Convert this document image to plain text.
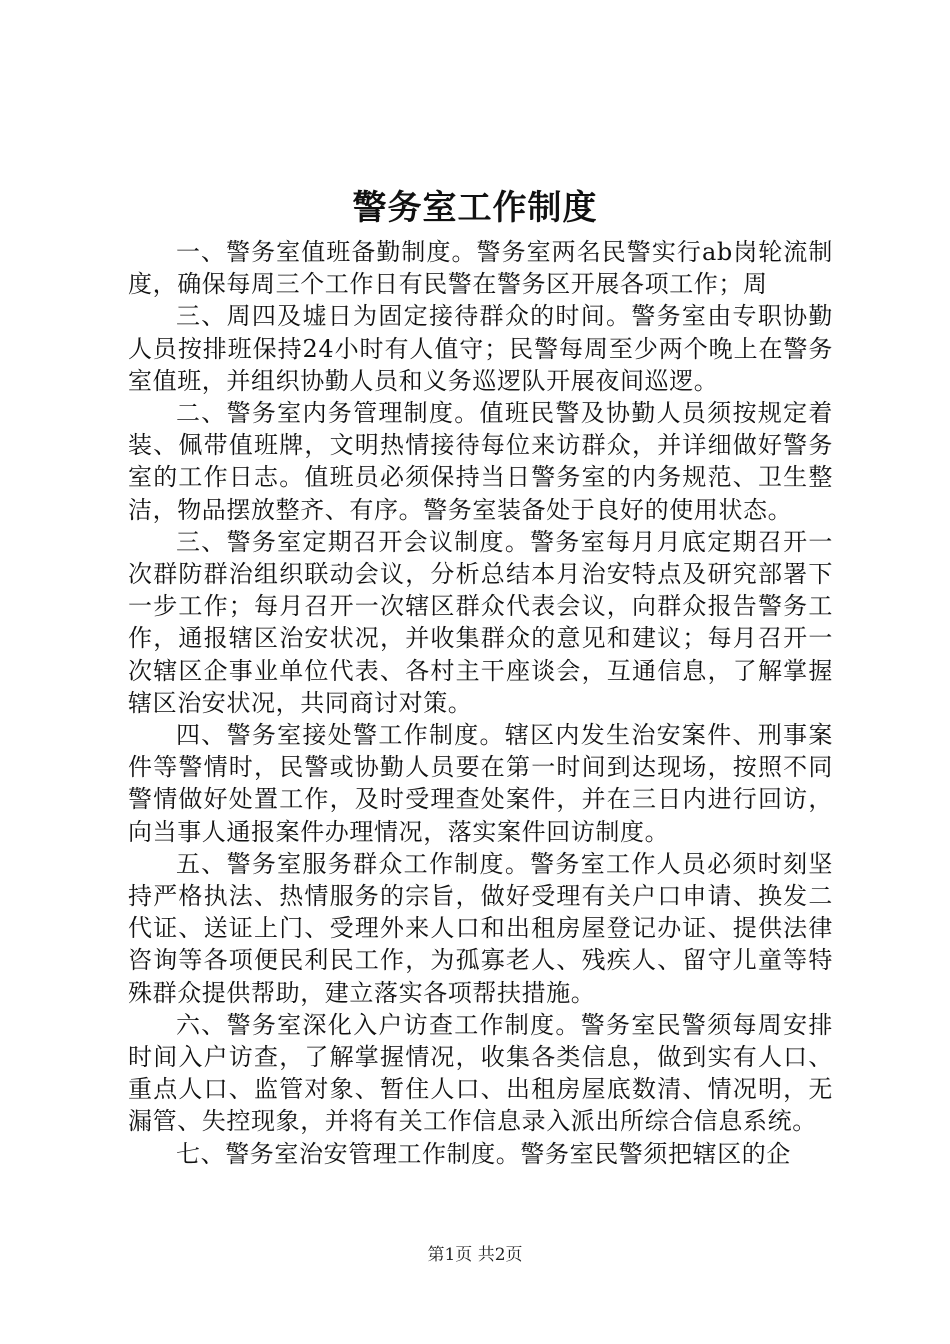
警务室工作制度

一、警务室值班备勤制度。警务室两名民警实行ab岗轮流制度，确保每周三个工作日有民警在警务区开展各项工作；周

三、周四及墟日为固定接待群众的时间。警务室由专职协勤人员按排班保持24小时有人值守；民警每周至少两个晚上在警务室值班，并组织协勤人员和义务巡逻队开展夜间巡逻。

二、警务室内务管理制度。值班民警及协勤人员须按规定着装、佩带值班牌，文明热情接待每位来访群众，并详细做好警务室的工作日志。值班员必须保持当日警务室的内务规范、卫生整洁，物品摆放整齐、有序。警务室装备处于良好的使用状态。

三、警务室定期召开会议制度。警务室每月月底定期召开一次群防群治组织联动会议，分析总结本月治安特点及研究部署下一步工作；每月召开一次辖区群众代表会议，向群众报告警务工作，通报辖区治安状况，并收集群众的意见和建议；每月召开一次辖区企事业单位代表、各村主干座谈会，互通信息，了解掌握辖区治安状况，共同商讨对策。

四、警务室接处警工作制度。辖区内发生治安案件、刑事案件等警情时，民警或协勤人员要在第一时间到达现场，按照不同警情做好处置工作，及时受理查处案件，并在三日内进行回访，向当事人通报案件办理情况，落实案件回访制度。

五、警务室服务群众工作制度。警务室工作人员必须时刻坚持严格执法、热情服务的宗旨，做好受理有关户口申请、换发二代证、送证上门、受理外来人口和出租房屋登记办证、提供法律咨询等各项便民利民工作，为孤寡老人、残疾人、留守儿童等特殊群众提供帮助，建立落实各项帮扶措施。

六、警务室深化入户访查工作制度。警务室民警须每周安排时间入户访查，了解掌握情况，收集各类信息，做到实有人口、重点人口、监管对象、暂住人口、出租房屋底数清、情况明，无漏管、失控现象，并将有关工作信息录入派出所综合信息系统。

七、警务室治安管理工作制度。警务室民警须把辖区的企

第1页 共2页
